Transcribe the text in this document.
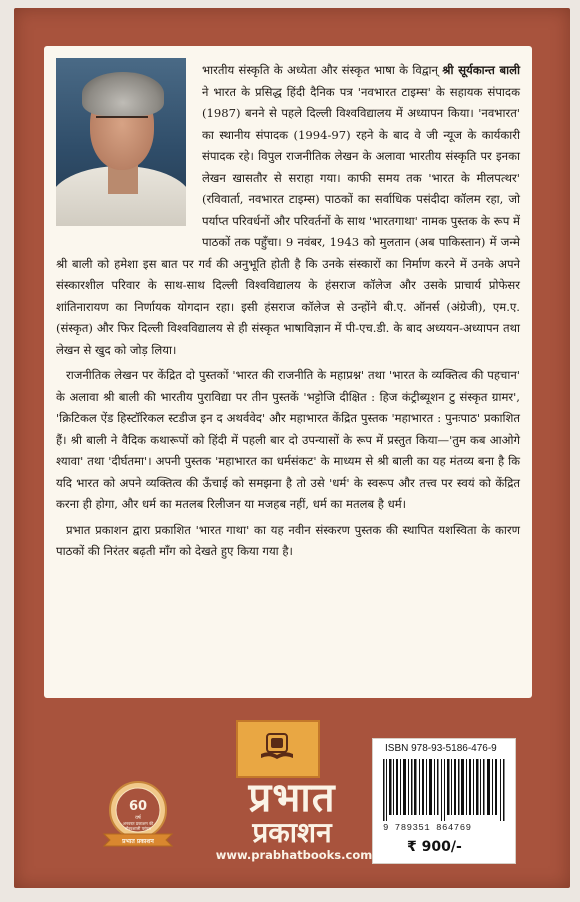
भारतीय संस्कृति के अध्येता और संस्कृत भाषा के विद्वान् श्री सूर्यकान्त बाली ने भारत के प्रसिद्ध हिंदी दैनिक पत्र 'नवभारत टाइम्स' के सहायक संपादक (1987) बनने से पहले दिल्ली विश्वविद्यालय में अध्यापन किया। 'नवभारत' का स्थानीय संपादक (1994-97) रहने के बाद वे जी न्यूज के कार्यकारी संपादक रहे। विपुल राजनीतिक लेखन के अलावा भारतीय संस्कृति पर इनका लेखन खासतौर से सराहा गया। काफी समय तक 'भारत के मीलपत्थर' (रविवार्ता, नवभारत टाइम्स) पाठकों का सर्वाधिक पसंदीदा कॉलम रहा, जो पर्याप्त परिवर्धनों और परिवर्तनों के साथ 'भारतगाथा' नामक पुस्तक के रूप में पाठकों तक पहुँचा। 9 नवंबर, 1943 को मुलतान (अब पाकिस्तान) में जन्मे श्री बाली को हमेशा इस बात पर गर्व की अनुभूति होती है कि उनके संस्कारों का निर्माण करने में उनके अपने संस्कारशील परिवार के साथ-साथ दिल्ली विश्वविद्यालय के हंसराज कॉलेज और उसके प्राचार्य प्रोफेसर शांतिनारायण का निर्णायक योगदान रहा। इसी हंसराज कॉलेज से उन्होंने बी.ए. ऑनर्स (अंग्रेजी), एम.ए. (संस्कृत) और फिर दिल्ली विश्वविद्यालय से ही संस्कृत भाषाविज्ञान में पी-एच.डी. के बाद अध्ययन-अध्यापन तथा लेखन से खुद को जोड़ लिया।

राजनीतिक लेखन पर केंद्रित दो पुस्तकों 'भारत की राजनीति के महाप्रश्न' तथा 'भारत के व्यक्तित्व की पहचान' के अलावा श्री बाली की भारतीय पुराविद्या पर तीन पुस्तकें 'भट्टोजि दीक्षित : हिज कंट्रीब्यूशन टु संस्कृत ग्रामर', 'क्रिटिकल ऐंड हिस्टॉरिकल स्टडीज इन द अथर्ववेद' और महाभारत केंद्रित पुस्तक 'महाभारत : पुनःपाठ' प्रकाशित हैं। श्री बाली ने वैदिक कथारूपों को हिंदी में पहली बार दो उपन्यासों के रूप में प्रस्तुत किया—'तुम कब आओगे श्यावा' तथा 'दीर्घतमा'। अपनी पुस्तक 'महाभारत का धर्मसंकट' के माध्यम से श्री बाली का यह मंतव्य बना है कि यदि भारत को अपने व्यक्तित्व की ऊँचाई को समझना है तो उसे 'धर्म' के स्वरूप और तत्त्व पर स्वयं को केंद्रित करना ही होगा, और धर्म का मतलब रिलीजन या मजहब नहीं, धर्म का मतलब है धर्म।

प्रभात प्रकाशन द्वारा प्रकाशित 'भारत गाथा' का यह नवीन संस्करण पुस्तक की स्थापित यशस्विता के कारण पाठकों की निरंतर बढ़ती माँग को देखते हुए किया गया है।

प्रभात
प्रकाशन
www.prabhatbooks.com
60
वर्ष
अनवरत प्रकाशन की
गौरवशाली परंपरा
प्रभात प्रकाशन
ISBN 978-93-5186-476-9
9 789351 864769
₹ 900/-
